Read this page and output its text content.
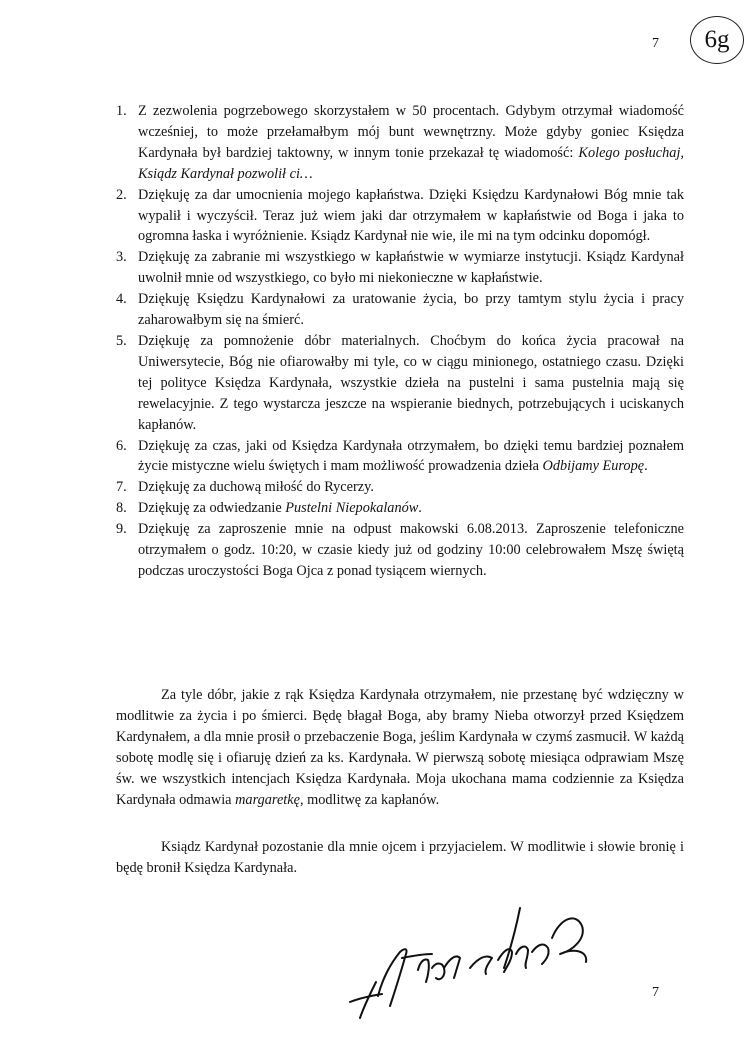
7	6g
1. Z zezwolenia pogrzebowego skorzystałem w 50 procentach. Gdybym otrzymał wiadomość wcześniej, to może przełamałbym mój bunt wewnętrzny. Może gdyby goniec Księdza Kardynała był bardziej taktowny, w innym tonie przekazał tę wiadomość: Kolego posłuchaj, Ksiądz Kardynał pozwolił ci…
2. Dziękuję za dar umocnienia mojego kapłaństwa. Dzięki Księdzu Kardynałowi Bóg mnie tak wypalił i wyczyścił. Teraz już wiem jaki dar otrzymałem w kapłaństwie od Boga i jaka to ogromna łaska i wyróżnienie. Ksiądz Kardynał nie wie, ile mi na tym odcinku dopomógł.
3. Dziękuję za zabranie mi wszystkiego w kapłaństwie w wymiarze instytucji. Ksiądz Kardynał uwolnił mnie od wszystkiego, co było mi niekonieczne w kapłaństwie.
4. Dziękuję Księdzu Kardynałowi za uratowanie życia, bo przy tamtym stylu życia i pracy zaharowałbym się na śmierć.
5. Dziękuję za pomnożenie dóbr materialnych. Choćbym do końca życia pracował na Uniwersytecie, Bóg nie ofiarowałby mi tyle, co w ciągu minionego, ostatniego czasu. Dzięki tej polityce Księdza Kardynała, wszystkie dzieła na pustelni i sama pustelnia mają się rewelacyjnie. Z tego wystarcza jeszcze na wspieranie biednych, potrzebujących i uciskanych kapłanów.
6. Dziękuję za czas, jaki od Księdza Kardynała otrzymałem, bo dzięki temu bardziej poznałem życie mistyczne wielu świętych i mam możliwość prowadzenia dzieła Odbijamy Europę.
7. Dziękuję za duchową miłość do Rycerzy.
8. Dziękuję za odwiedzanie Pustelni Niepokalanów.
9. Dziękuję za zaproszenie mnie na odpust makowski 6.08.2013. Zaproszenie telefoniczne otrzymałem o godz. 10:20, w czasie kiedy już od godziny 10:00 celebrowałem Mszę świętą podczas uroczystości Boga Ojca z ponad tysiącem wiernych.

Za tyle dóbr, jakie z rąk Księdza Kardynała otrzymałem, nie przestanę być wdzięczny w modlitwie za życia i po śmierci. Będę błagał Boga, aby bramy Nieba otworzył przed Księdzem Kardynałem, a dla mnie prosił o przebaczenie Boga, jeślim Kardynała w czymś zasmucił. W każdą sobotę modlę się i ofiaruję dzień za ks. Kardynała. W pierwszą sobotę miesiąca odprawiam Mszę św. we wszystkich intencjach Księdza Kardynała. Moja ukochana mama codziennie za Księdza Kardynała odmawia margaretkę, modlitwę za kapłanów.

Ksiądz Kardynał pozostanie dla mnie ojcem i przyjacielem. W modlitwie i słowie bronię i będę bronił Księdza Kardynała.

7
